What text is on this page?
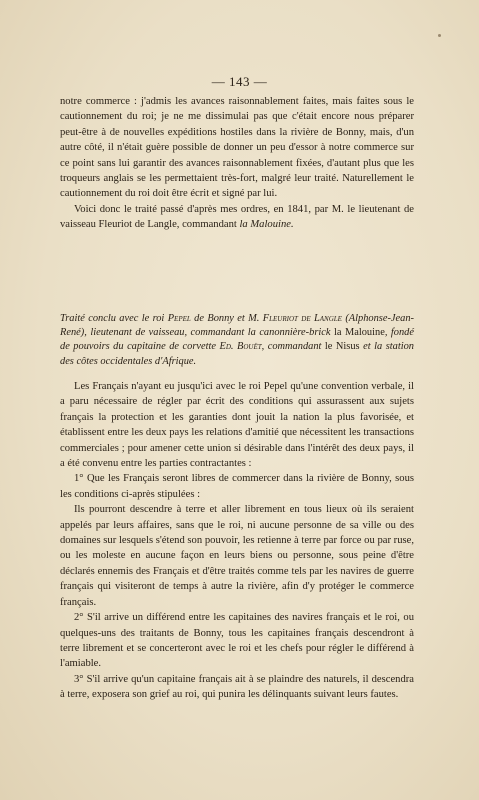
— 143 —

notre commerce : j'admis les avances raisonnablement faites, mais faites sous le cautionnement du roi; je ne me dissimulai pas que c'était encore nous préparer peut-être à de nouvelles expéditions hostiles dans la rivière de Bonny, mais, d'un autre côté, il n'était guère possible de donner un peu d'essor à notre commerce sur ce point sans lui garantir des avances raisonnablement fixées, d'autant plus que les troqueurs anglais se les permettaient très-fort, malgré leur traité. Naturellement le cautionnement du roi doit être écrit et signé par lui.

Voici donc le traité passé d'après mes ordres, en 1841, par M. le lieutenant de vaisseau Fleuriot de Langle, commandant la Malouine.

Traité conclu avec le roi Pepel de Bonny et M. Fleuriot de Langle (Alphonse-Jean-René), lieutenant de vaisseau, commandant la canonnière-brick la Malouine, fondé de pouvoirs du capitaine de corvette Ed. Bouët, commandant le Nisus et la station des côtes occidentales d'Afrique.

Les Français n'ayant eu jusqu'ici avec le roi Pepel qu'une convention verbale, il a paru nécessaire de régler par écrit des conditions qui assurassent aux sujets français la protection et les garanties dont jouit la nation la plus favorisée, et établissent entre les deux pays les relations d'amitié que nécessitent les transactions commerciales ; pour amener cette union si désirable dans l'intérêt des deux pays, il a été convenu entre les parties contractantes :

1° Que les Français seront libres de commercer dans la rivière de Bonny, sous les conditions ci-après stipulées :

Ils pourront descendre à terre et aller librement en tous lieux où ils seraient appelés par leurs affaires, sans que le roi, ni aucune personne de sa ville ou des domaines sur lesquels s'étend son pouvoir, les retienne à terre par force ou par ruse, ou les moleste en aucune façon en leurs biens ou personne, sous peine d'être déclarés ennemis des Français et d'être traités comme tels par les navires de guerre français qui visiteront de temps à autre la rivière, afin d'y protéger le commerce français.

2° S'il arrive un différend entre les capitaines des navires français et le roi, ou quelques-uns des traitants de Bonny, tous les capitaines français descendront à terre librement et se concerteront avec le roi et les chefs pour régler le différend à l'amiable.

3° S'il arrive qu'un capitaine français ait à se plaindre des naturels, il descendra à terre, exposera son grief au roi, qui punira les délinquants suivant leurs fautes.
